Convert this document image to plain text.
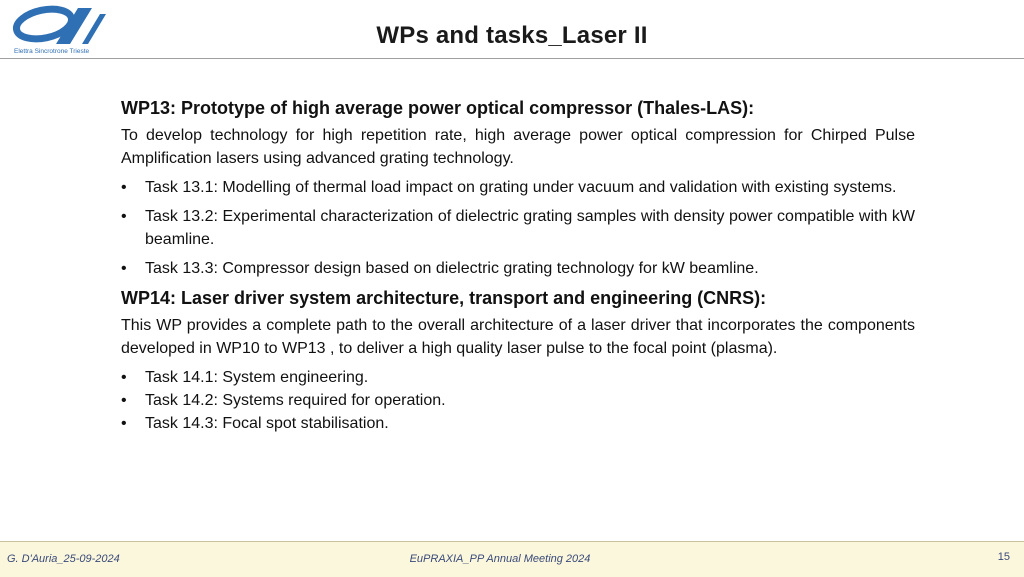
Elettra Sincrotrone Trieste
WPs and tasks_Laser II

WP13: Prototype of high average power optical compressor (Thales-LAS):

To develop technology for high repetition rate, high average power optical compression for Chirped Pulse Amplification lasers using advanced grating technology.

• Task 13.1: Modelling of thermal load impact on grating under vacuum and validation with existing systems.
• Task 13.2: Experimental characterization of dielectric grating samples with density power compatible with kW beamline.
• Task 13.3: Compressor design based on dielectric grating technology for kW beamline.

WP14: Laser driver system architecture, transport and engineering (CNRS):

This WP provides a complete path to the overall architecture of a laser driver that incorporates the components developed in WP10 to WP13 , to deliver a high quality laser pulse to the focal point (plasma).

• Task 14.1: System engineering.
• Task 14.2: Systems required for operation.
• Task 14.3: Focal spot stabilisation.
G. D'Auria_25-09-2024	EuPRAXIA_PP Annual Meeting 2024	15
